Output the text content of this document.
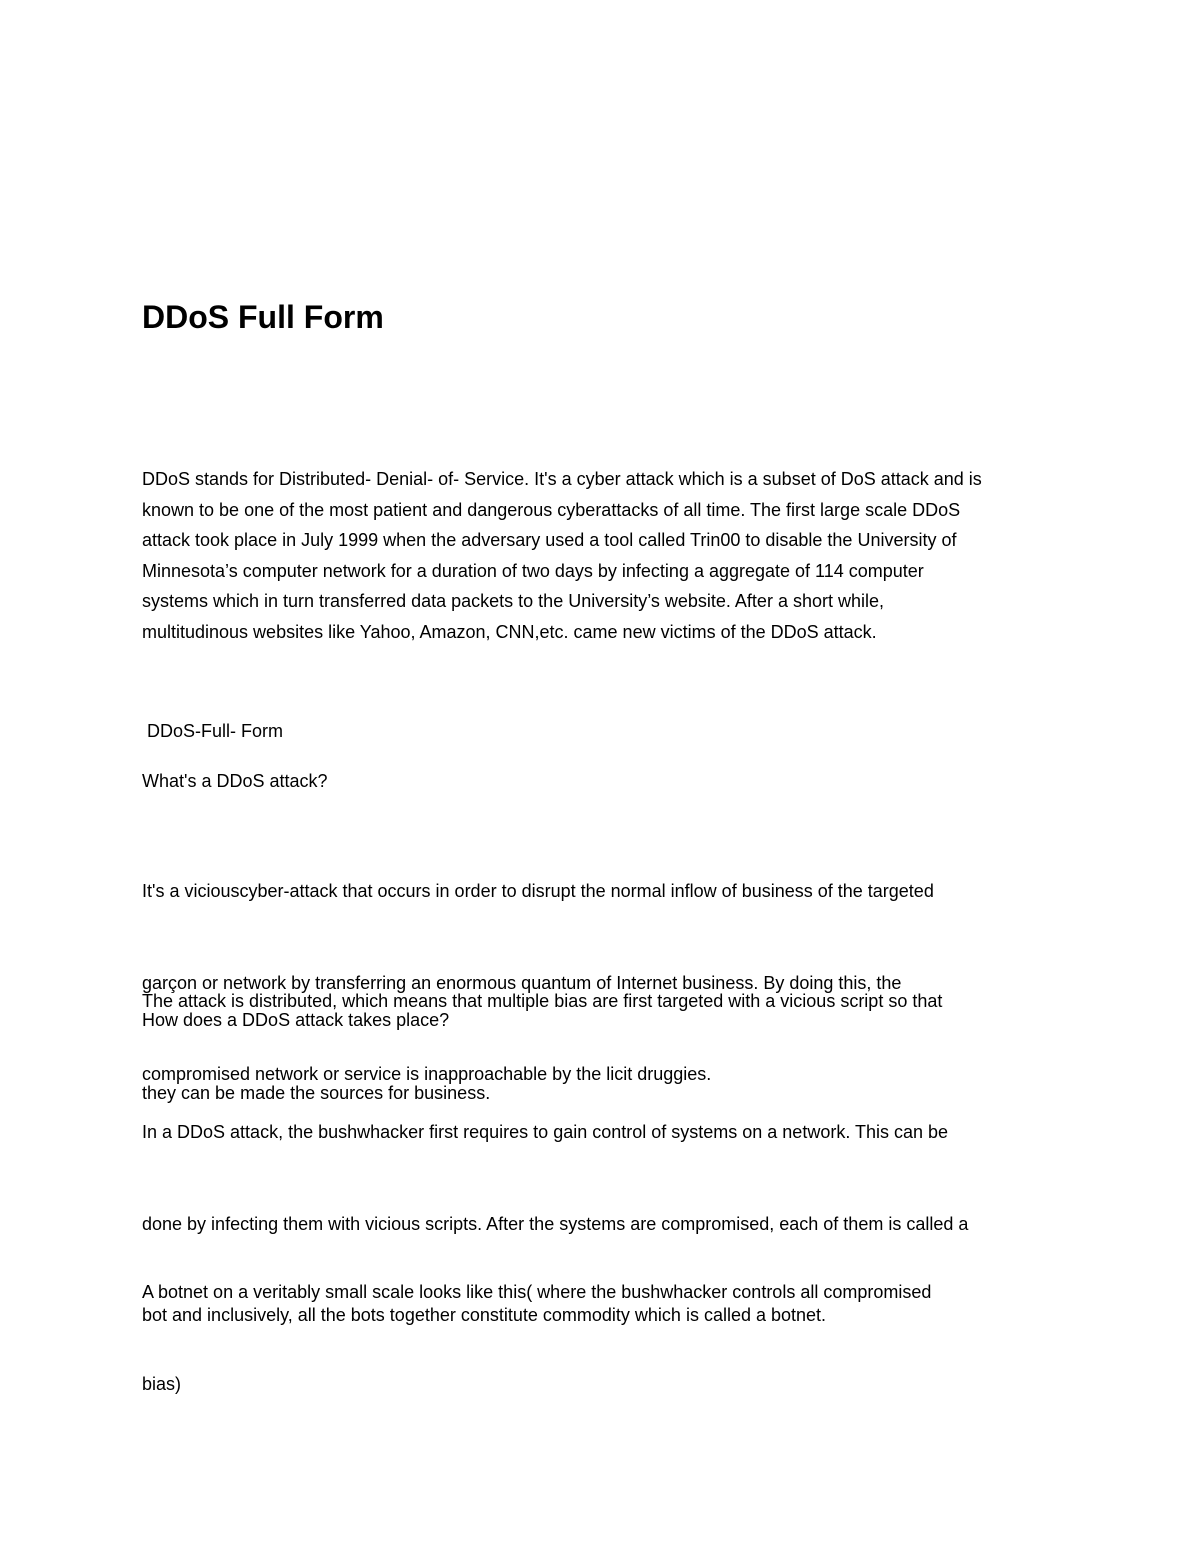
DDoS Full Form

DDoS stands for Distributed- Denial- of- Service. It's a cyber attack which is a subset of DoS attack and is
known to be one of the most patient and dangerous cyberattacks of all time. The first large scale DDoS
attack took place in July 1999 when the adversary used a tool called Trin00 to disable the University of
Minnesota’s computer network for a duration of two days by infecting a aggregate of 114 computer
systems which in turn transferred data packets to the University’s website. After a short while,
multitudinous websites like Yahoo, Amazon, CNN,etc. came new victims of the DDoS attack.

DDoS-Full- Form

What's a DDoS attack?

It's a viciouscyber-attack that occurs in order to disrupt the normal inflow of business of the targeted

garçon or network by transferring an enormous quantum of Internet business. By doing this, the

compromised network or service is inapproachable by the licit druggies.

The attack is distributed, which means that multiple bias are first targeted with a vicious script so that

they can be made the sources for business.

How does a DDoS attack takes place?

In a DDoS attack, the bushwhacker first requires to gain control of systems on a network. This can be

done by infecting them with vicious scripts. After the systems are compromised, each of them is called a

bot and inclusively, all the bots together constitute commodity which is called a botnet.

A botnet on a veritably small scale looks like this( where the bushwhacker controls all compromised

bias)
